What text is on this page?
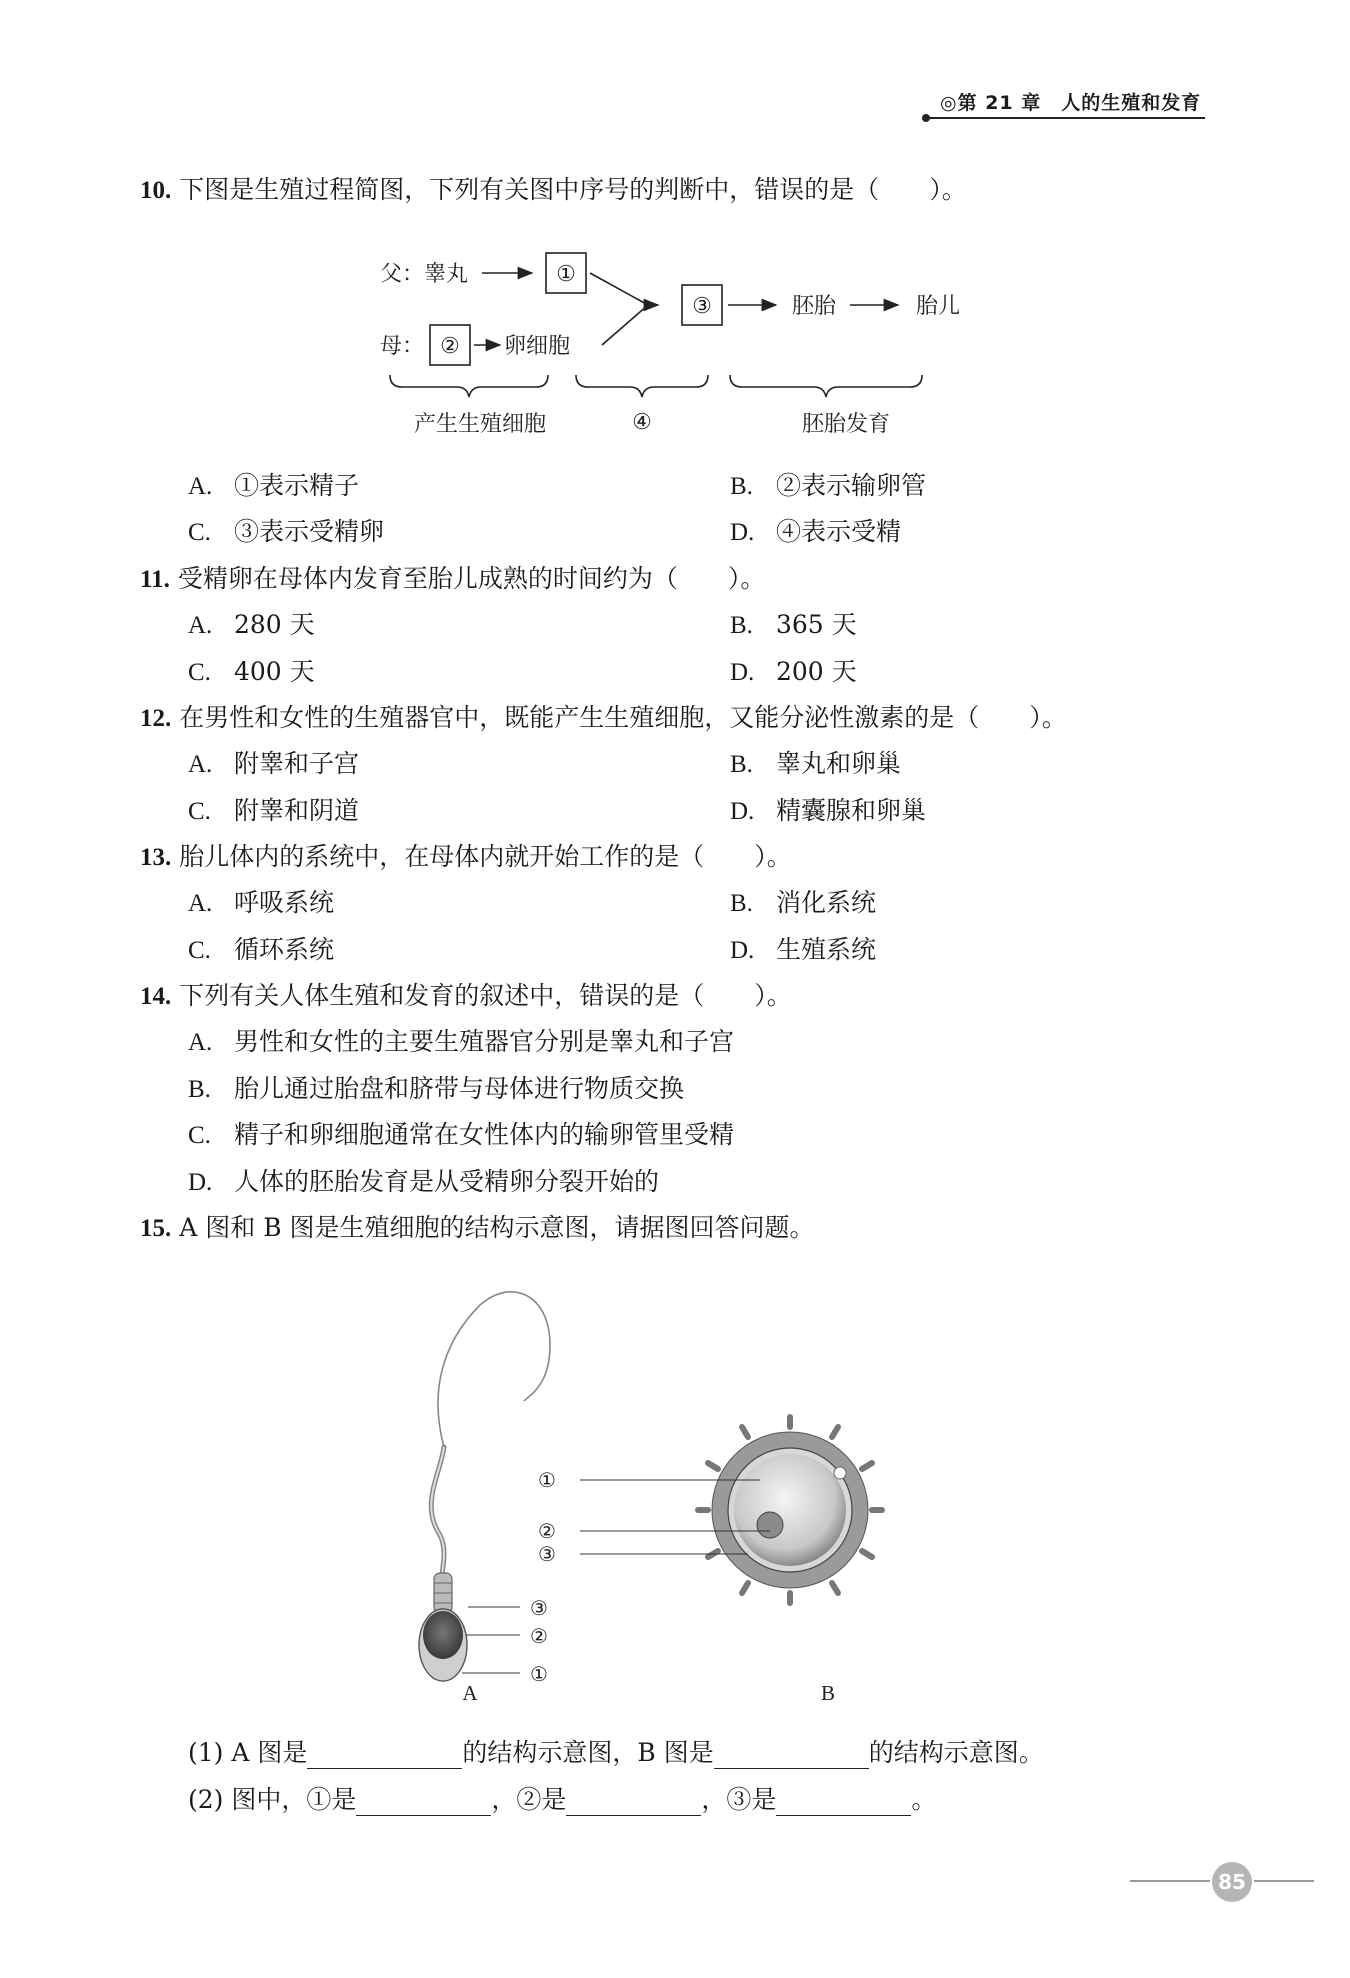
◎第 21 章　人的生殖和发育
10. 下图是生殖过程简图，下列有关图中序号的判断中，错误的是（　　）。
父：睾丸
母：
①
②
③
卵细胞
胚胎	胎儿
产生生殖细胞	④	胚胎发育
A. ①表示精子	B. ②表示输卵管
C. ③表示受精卵	D. ④表示受精
11. 受精卵在母体内发育至胎儿成熟的时间约为（　　）。
A. 280 天	B. 365 天
C. 400 天	D. 200 天
12. 在男性和女性的生殖器官中，既能产生生殖细胞，又能分泌性激素的是（　　）。
A. 附睾和子宫	B. 睾丸和卵巢
C. 附睾和阴道	D. 精囊腺和卵巢
13. 胎儿体内的系统中，在母体内就开始工作的是（　　）。
A. 呼吸系统	B. 消化系统
C. 循环系统	D. 生殖系统
14. 下列有关人体生殖和发育的叙述中，错误的是（　　）。
A. 男性和女性的主要生殖器官分别是睾丸和子宫
B. 胎儿通过胎盘和脐带与母体进行物质交换
C. 精子和卵细胞通常在女性体内的输卵管里受精
D. 人体的胚胎发育是从受精卵分裂开始的
15. A 图和 B 图是生殖细胞的结构示意图，请据图回答问题。
③
②
①
A
①
②
③
B
(1) A 图是	的结构示意图，B 图是	的结构示意图。
(2) 图中，①是	，②是	，③是	。
85
